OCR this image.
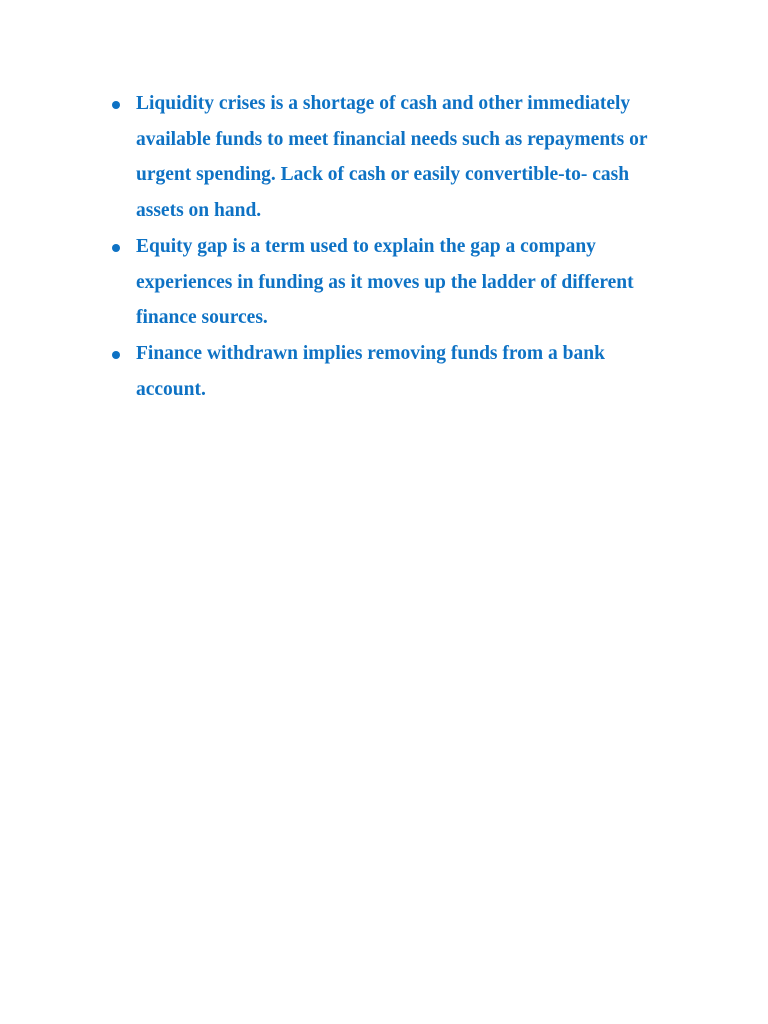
Liquidity crises is a shortage of cash and other immediately available funds to meet financial needs such as repayments or urgent spending. Lack of cash or easily convertible-to- cash assets on hand.
Equity gap is a term used to explain the gap a company experiences in funding as it moves up the ladder of different finance sources.
Finance withdrawn implies removing funds from a bank account.
